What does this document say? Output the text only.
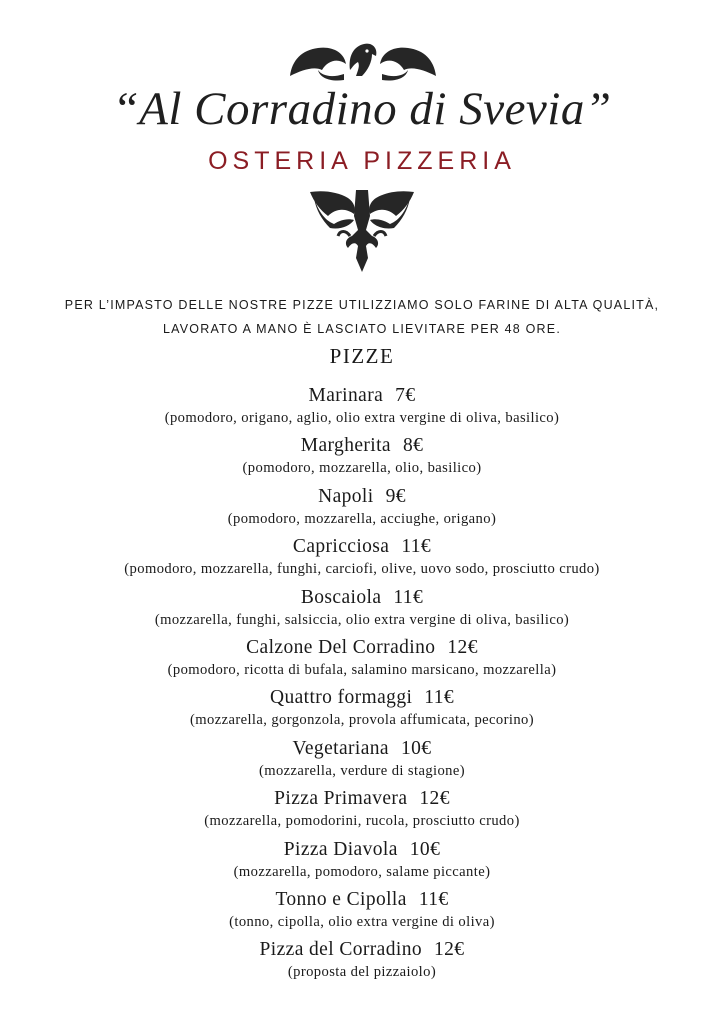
“Al Corradino di Svevia”
OSTERIA PIZZERIA
PER L’IMPASTO DELLE NOSTRE PIZZE UTILIZZIAMO SOLO FARINE DI ALTA QUALITÀ,
LAVORATO A MANO È LASCIATO LIEVITARE PER 48 ORE.
PIZZE
Marinara 7€
(pomodoro, origano, aglio, olio extra vergine di oliva, basilico)
Margherita 8€
(pomodoro, mozzarella, olio, basilico)
Napoli 9€
(pomodoro, mozzarella, acciughe, origano)
Capricciosa 11€
(pomodoro, mozzarella, funghi, carciofi, olive, uovo sodo, prosciutto crudo)
Boscaiola 11€
(mozzarella, funghi, salsiccia, olio extra vergine di oliva, basilico)
Calzone Del Corradino 12€
(pomodoro, ricotta di bufala, salamino marsicano, mozzarella)
Quattro formaggi 11€
(mozzarella, gorgonzola, provola affumicata, pecorino)
Vegetariana 10€
(mozzarella, verdure di stagione)
Pizza Primavera 12€
(mozzarella, pomodorini, rucola, prosciutto crudo)
Pizza Diavola 10€
(mozzarella, pomodoro, salame piccante)
Tonno e Cipolla 11€
(tonno, cipolla, olio extra vergine di oliva)
Pizza del Corradino 12€
(proposta del pizzaiolo)
